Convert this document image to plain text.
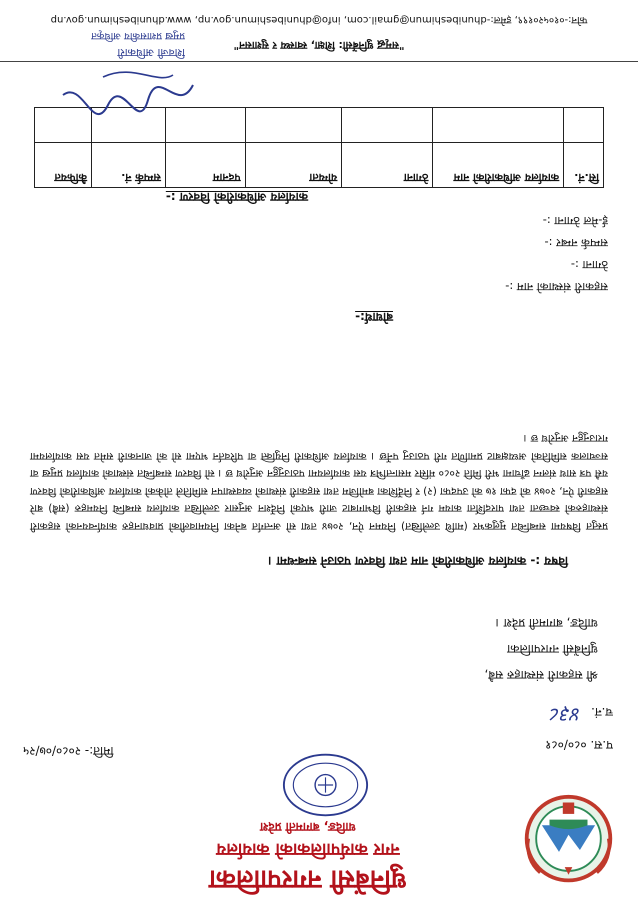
धुनिबेंसी नगरपालिका
नगर कार्यपालिकाको कार्यालय
धादिङ, बागमती प्रदेश
प.स. ०८०/०८१
च.नं. ४३८
मिति:- २०८०/०७/२५
श्री सहकारी संस्थाहरु सबै,
धुनिबेंसी नगरपालिका
धादिङ, बागमती प्रदेश ।
विषय :- कार्यालय अधिकारीको नाम तथा विवरण पठाउने सम्बन्धमा ।
प्रस्तुत विषयमा सम्बन्धित मुलुकभर (माथि उल्लेखित) नियमन ऐन, २०७४ तथा सो अन्तर्गत बनेका नियमावलीको प्रावधानहरु कार्यान्वयनको सहकारी संस्थाहरुको स्वच्छता तथा पारदर्शिता कायम गर्न सहकारी विभागबाट जारी भएको निर्देशन अनुसार उल्लेखित कार्यालय सम्बन्धि नियमहरु (सबै) बारे सहकारी ऐन, २०७४ को दफा १७ को उपदफा (२) र निर्देशिका बमोजिम तथा सहकारी संस्थाको व्यवस्थापन समितिले तोकेको कार्यालय अधिकारीको विवरण यसै पत्र साथ संलग्न ढाँचामा भरी मिति २०८० मंसिर मसान्तभित्र यस कार्यालयमा पठाउनुहुन अनुरोध छ । सो विवरण सम्बन्धित संस्थाको कार्यालय प्रमुख वा सञ्चालक समितिको अध्यक्षबाट प्रमाणित गरी पठाउनु पर्नेछ । कार्यालय अधिकारी नियुक्ति वा परिवर्तन भएमा सो को जानकारी समेत यस कार्यालयमा गराउनुहुन अनुरोध छ ।
बोधार्थ:-
सहकारी संस्थाको नाम :-
ठेगाना :-
सम्पर्क नम्बर :-
ई-मेल ठेगाना :-
कार्यालय अधिकारीको विवरण :-
सि.नं.	कार्यालय अधिकारीको नाम	ठेगाना	योग्यता	पदनाम	सम्पर्क नं.	कैफियत

शिवजी अधिकारी
प्रमुख प्रशासकीय अधिकृत
"समृद्ध धुनिबेंसी: शिक्षा, स्वास्थ्य र सुशासन"
फोन:-०१०५२०१९९, इमेल:-dhunibeshimun@gmail.com, info@dhunibeshimun.gov.np, www.dhunibeshimun.gov.np
